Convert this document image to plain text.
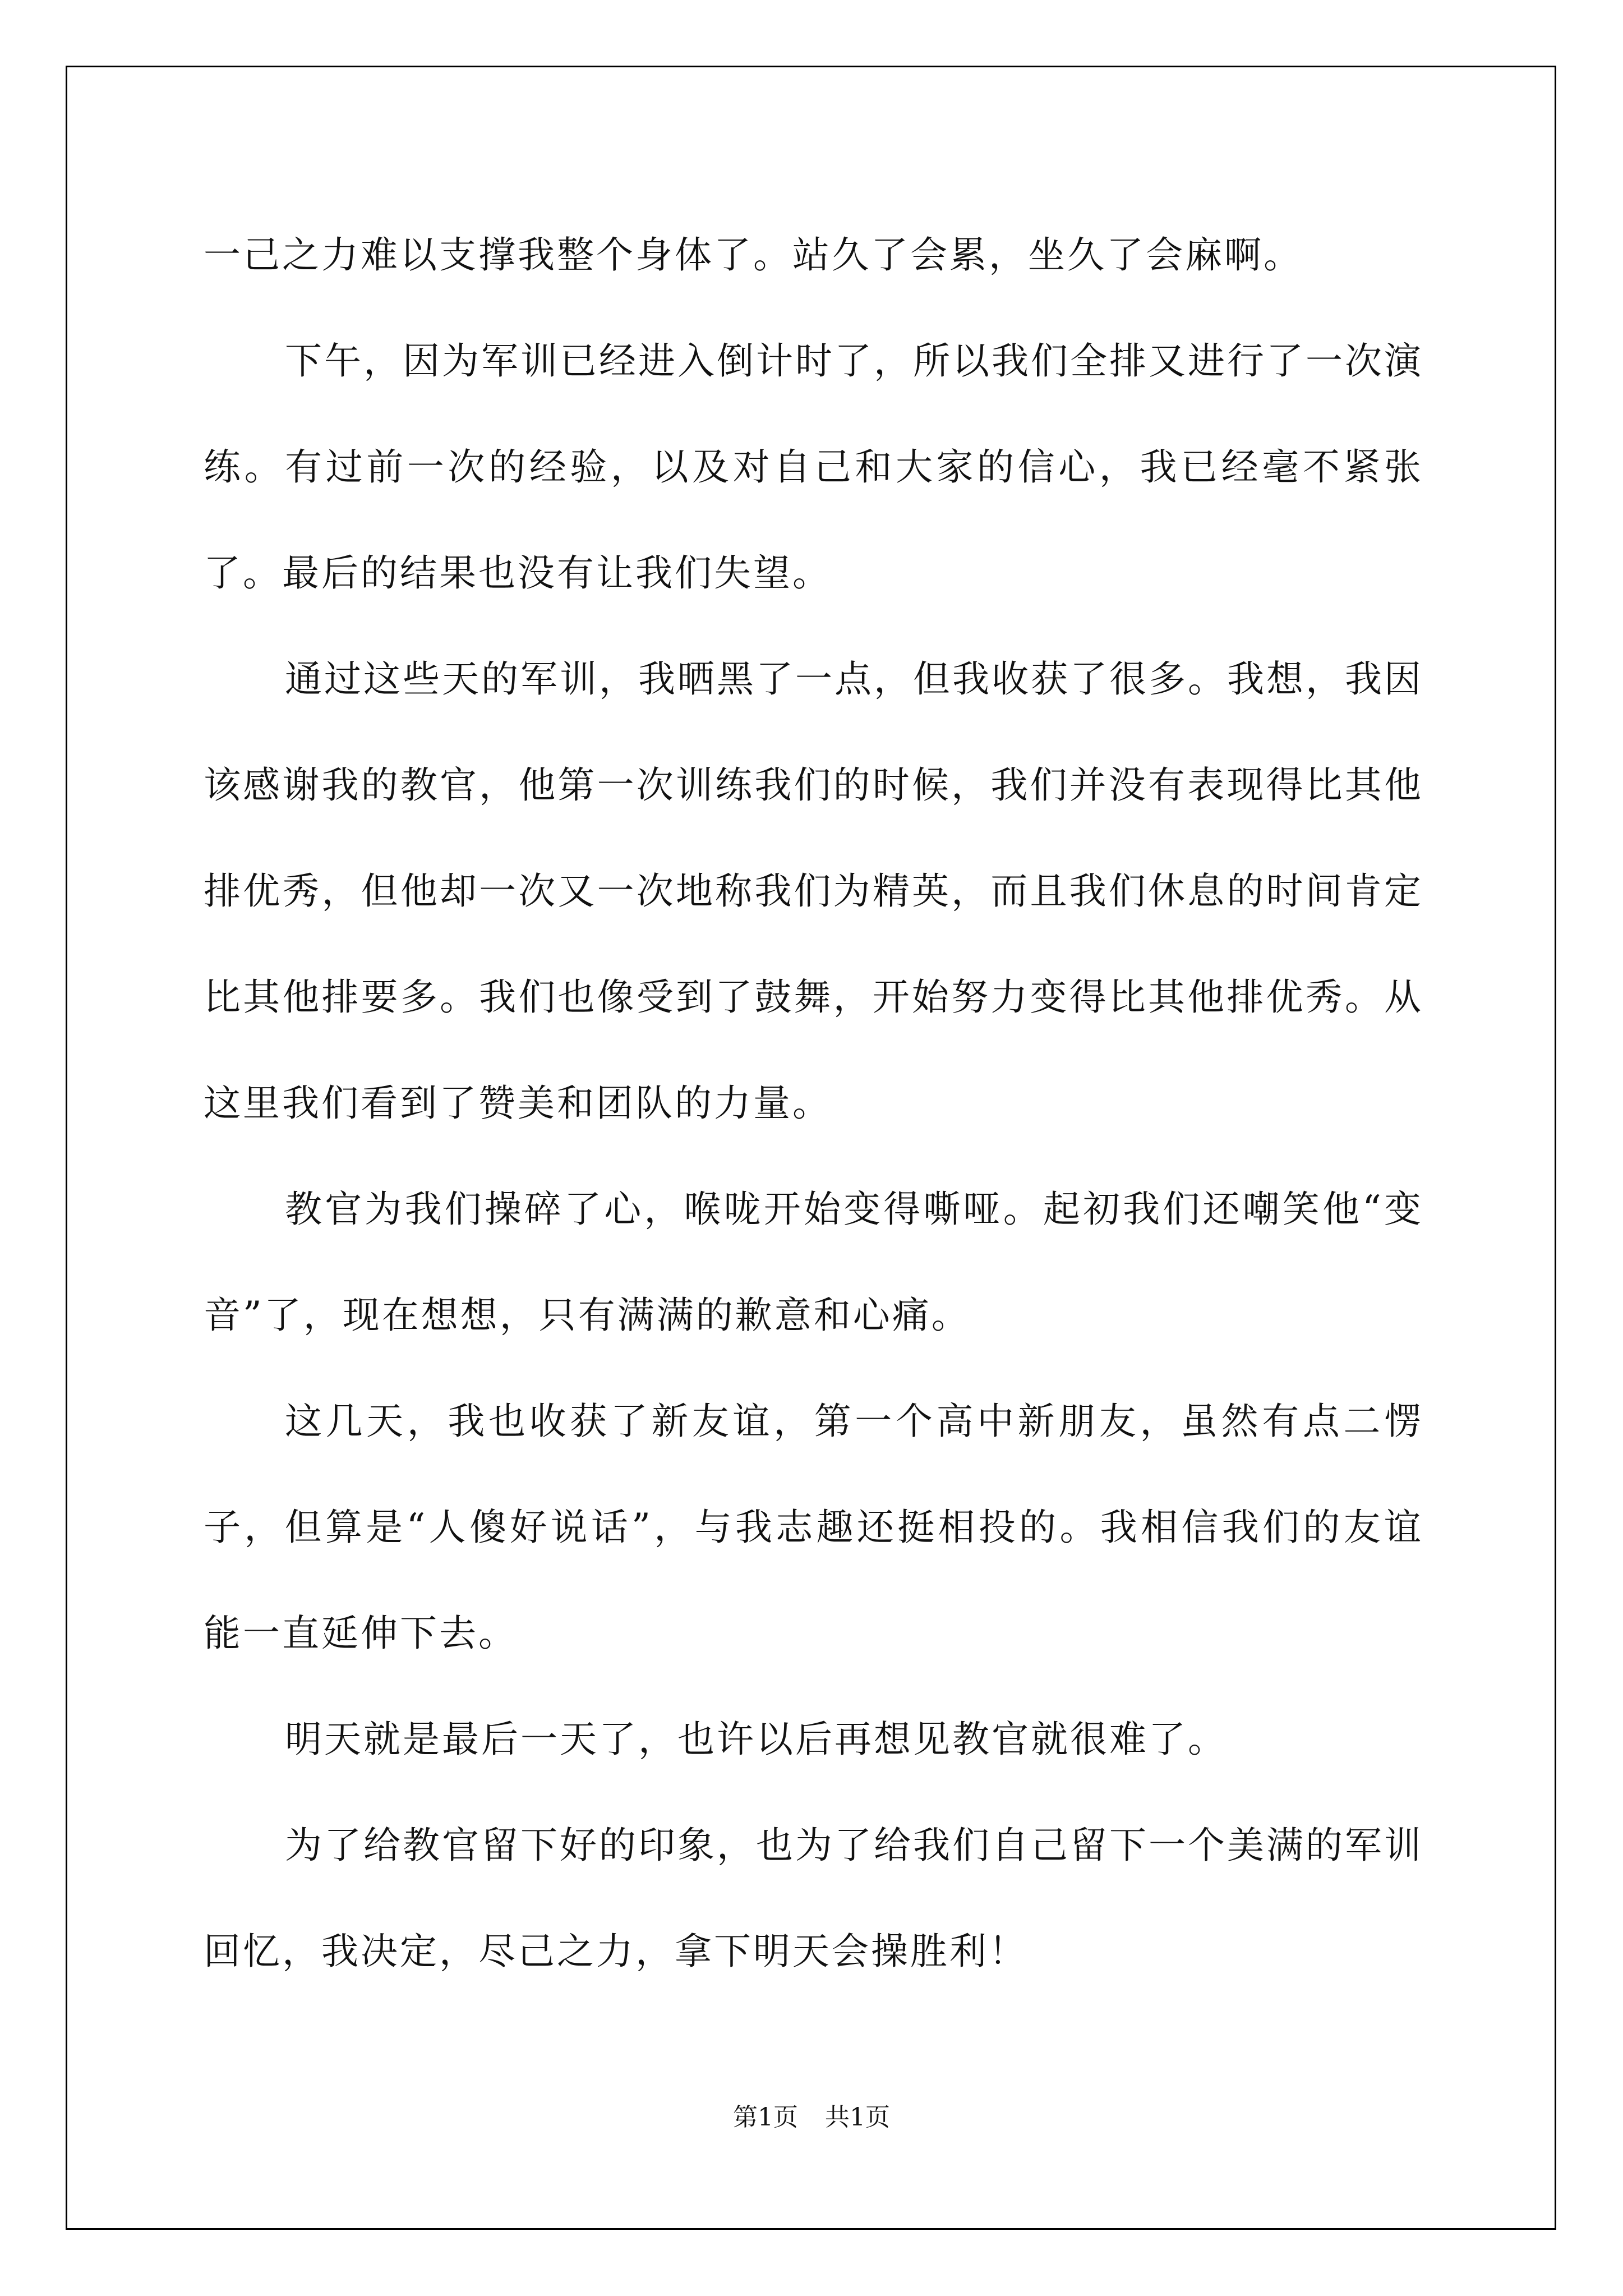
一己之力难以支撑我整个身体了。站久了会累，坐久了会麻啊。

下午，因为军训已经进入倒计时了，所以我们全排又进行了一次演练。有过前一次的经验，以及对自己和大家的信心，我已经毫不紧张了。最后的结果也没有让我们失望。

通过这些天的军训，我晒黑了一点，但我收获了很多。我想，我因该感谢我的教官，他第一次训练我们的时候，我们并没有表现得比其他排优秀，但他却一次又一次地称我们为精英，而且我们休息的时间肯定比其他排要多。我们也像受到了鼓舞，开始努力变得比其他排优秀。从这里我们看到了赞美和团队的力量。

教官为我们操碎了心，喉咙开始变得嘶哑。起初我们还嘲笑他“变音”了，现在想想，只有满满的歉意和心痛。

这几天，我也收获了新友谊，第一个高中新朋友，虽然有点二愣子，但算是“人傻好说话”，与我志趣还挺相投的。我相信我们的友谊能一直延伸下去。

明天就是最后一天了，也许以后再想见教官就很难了。

为了给教官留下好的印象，也为了给我们自己留下一个美满的军训回忆，我决定，尽己之力，拿下明天会操胜利！

第1页 共1页
